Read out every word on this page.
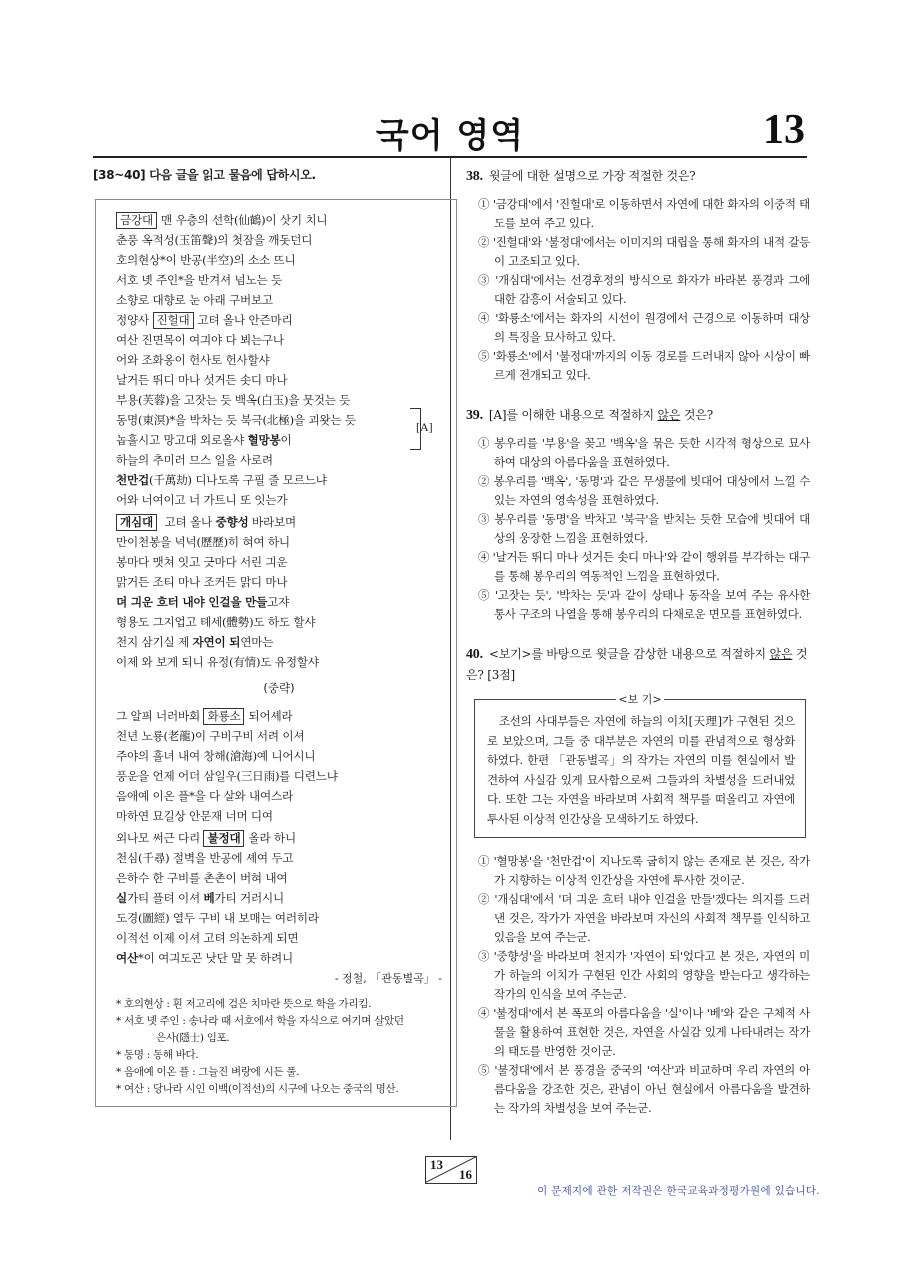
국어 영역	13
[38~40] 다음 글을 읽고 물음에 답하시오.
[A]
금강대 맨 우층의 선학(仙鶴)이 삿기 치니
춘풍 옥적성(玉笛聲)의 첫잠을 깨돗던디
호의현상*이 반공(半空)의 소소 뜨니
서호 녯 주인*을 반겨셔 넘노는 듯
소향로 대향로 눈 아래 구버보고
정양사 진헐대 고텨 올나 안즌마리
여산 진면목이 여긔야 다 뵈는구나
어와 조화옹이 헌사토 헌사할샤
날거든 뛰디 마나 섯거든 솟디 마나
부용(芙蓉)을 고잣는 듯 백옥(白玉)을 뭇것는 듯
동명(東溟)*을 박차는 듯 북극(北極)을 괴왓는 듯
놉흘시고 망고대 외로올샤 혈망봉이
하늘의 추미러 므스 일을 사로려
천만겁(千萬劫) 디나도록 구필 줄 모르느냐
어와 너여이고 너 가트니 또 잇는가
개심대 고텨 올나 중향성 바라보며
만이천봉을 넉넉(歷歷)히 혀여 하니
봉마다 맷쳐 잇고 긋마다 서린 긔운
맑거든 조티 마나 조커든 맑디 마나
뎌 긔운 흐터 내야 인걸을 만들고쟈
형용도 그지업고 톄세(體勢)도 하도 할샤
천지 삼기실 제 자연이 되연마는
이제 와 보게 되니 유정(有情)도 유정할샤
(중략)
그 알픠 너러바회 화룡소 되어셰라
천년 노룡(老龍)이 구비구비 서려 이셔
주야의 흘녀 내여 창해(滄海)예 니어시니
풍운을 언제 어더 삼일우(三日雨)를 디련느냐
음애예 이온 플*을 다 살와 내여스라
마하연 묘길상 안문재 너머 디여
외나모 써근 다리 불정대 올라 하니
천심(千尋) 절벽을 반공에 셰여 두고
은하수 한 구비를 촌촌이 버혀 내여
실가티 플텨 이셔 베가티 거러시니
도경(圖經) 열두 구비 내 보매는 여러히라
이적선 이제 이셔 고텨 의논하게 되면
여산*이 여긔도곤 낫단 말 못 하려니
- 정철, 「관동별곡」 -
* 호의현상 : 흰 저고리에 검은 치마란 뜻으로 학을 가리킴.
* 서호 녯 주인 : 송나라 때 서호에서 학을 자식으로 여기며 살았던
은사(隱士) 임포.
* 동명 : 동해 바다.
* 음애예 이온 플 : 그늘진 벼랑에 시든 풀.
* 여산 : 당나라 시인 이백(이적선)의 시구에 나오는 중국의 명산.
38. 윗글에 대한 설명으로 가장 적절한 것은?
① '금강대'에서 '진헐대'로 이동하면서 자연에 대한 화자의 이중적 태도를 보여 주고 있다.
② '진헐대'와 '불정대'에서는 이미지의 대립을 통해 화자의 내적 갈등이 고조되고 있다.
③ '개심대'에서는 선경후정의 방식으로 화자가 바라본 풍경과 그에 대한 감흥이 서술되고 있다.
④ '화룡소'에서는 화자의 시선이 원경에서 근경으로 이동하며 대상의 특징을 묘사하고 있다.
⑤ '화룡소'에서 '불정대'까지의 이동 경로를 드러내지 않아 시상이 빠르게 전개되고 있다.
39. [A]를 이해한 내용으로 적절하지 않은 것은?
① 봉우리를 '부용'을 꽂고 '백옥'을 묶은 듯한 시각적 형상으로 묘사하여 대상의 아름다움을 표현하였다.
② 봉우리를 '백옥', '동명'과 같은 무생물에 빗대어 대상에서 느낄 수 있는 자연의 영속성을 표현하였다.
③ 봉우리를 '동명'을 박차고 '북극'을 받치는 듯한 모습에 빗대어 대상의 웅장한 느낌을 표현하였다.
④ '날거든 뛰디 마나 섯거든 솟디 마나'와 같이 행위를 부각하는 대구를 통해 봉우리의 역동적인 느낌을 표현하였다.
⑤ '고잣는 듯', '박차는 듯'과 같이 상태나 동작을 보여 주는 유사한 통사 구조의 나열을 통해 봉우리의 다채로운 면모를 표현하였다.
40. <보기>를 바탕으로 윗글을 감상한 내용으로 적절하지 않은 것은? [3점]
<보 기>
조선의 사대부들은 자연에 하늘의 이치[天理]가 구현된 것으로 보았으며, 그들 중 대부분은 자연의 미를 관념적으로 형상화하였다. 한편 「관동별곡」의 작가는 자연의 미를 현실에서 발견하여 사실감 있게 묘사함으로써 그들과의 차별성을 드러내었다. 또한 그는 자연을 바라보며 사회적 책무를 떠올리고 자연에 투사된 이상적 인간상을 모색하기도 하였다.
① '혈망봉'을 '천만겁'이 지나도록 굽히지 않는 존재로 본 것은, 작가가 지향하는 이상적 인간상을 자연에 투사한 것이군.
② '개심대'에서 '뎌 긔운 흐터 내야 인걸을 만들'겠다는 의지를 드러낸 것은, 작가가 자연을 바라보며 자신의 사회적 책무를 인식하고 있음을 보여 주는군.
③ '중향성'을 바라보며 천지가 '자연이 되'었다고 본 것은, 자연의 미가 하늘의 이치가 구현된 인간 사회의 영향을 받는다고 생각하는 작가의 인식을 보여 주는군.
④ '불정대'에서 본 폭포의 아름다움을 '실'이나 '베'와 같은 구체적 사물을 활용하여 표현한 것은, 자연을 사실감 있게 나타내려는 작가의 태도를 반영한 것이군.
⑤ '불정대'에서 본 풍경을 중국의 '여산'과 비교하며 우리 자연의 아름다움을 강조한 것은, 관념이 아닌 현실에서 아름다움을 발견하는 작가의 차별성을 보여 주는군.
13
16
이 문제지에 관한 저작권은 한국교육과정평가원에 있습니다.
